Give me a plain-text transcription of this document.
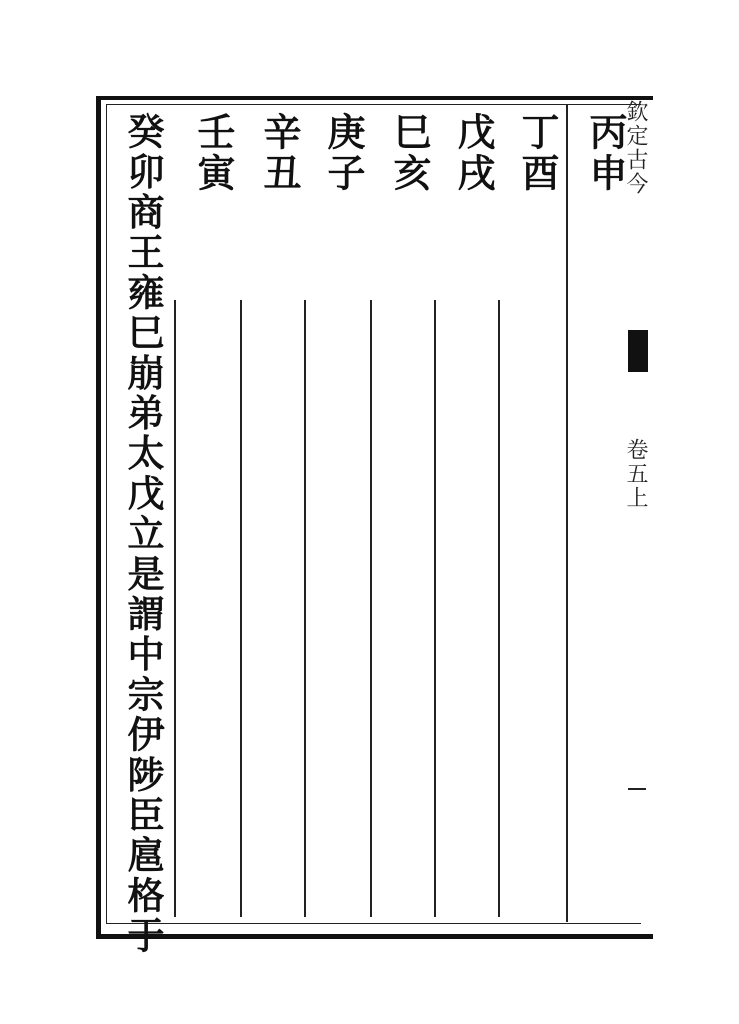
欽定古今
卷五上
丙申
丁酉
戊戌
巳亥
庚子
辛丑
壬寅
癸卯商王雍巳崩弟太戊立是謂中宗伊陟臣扈格于
